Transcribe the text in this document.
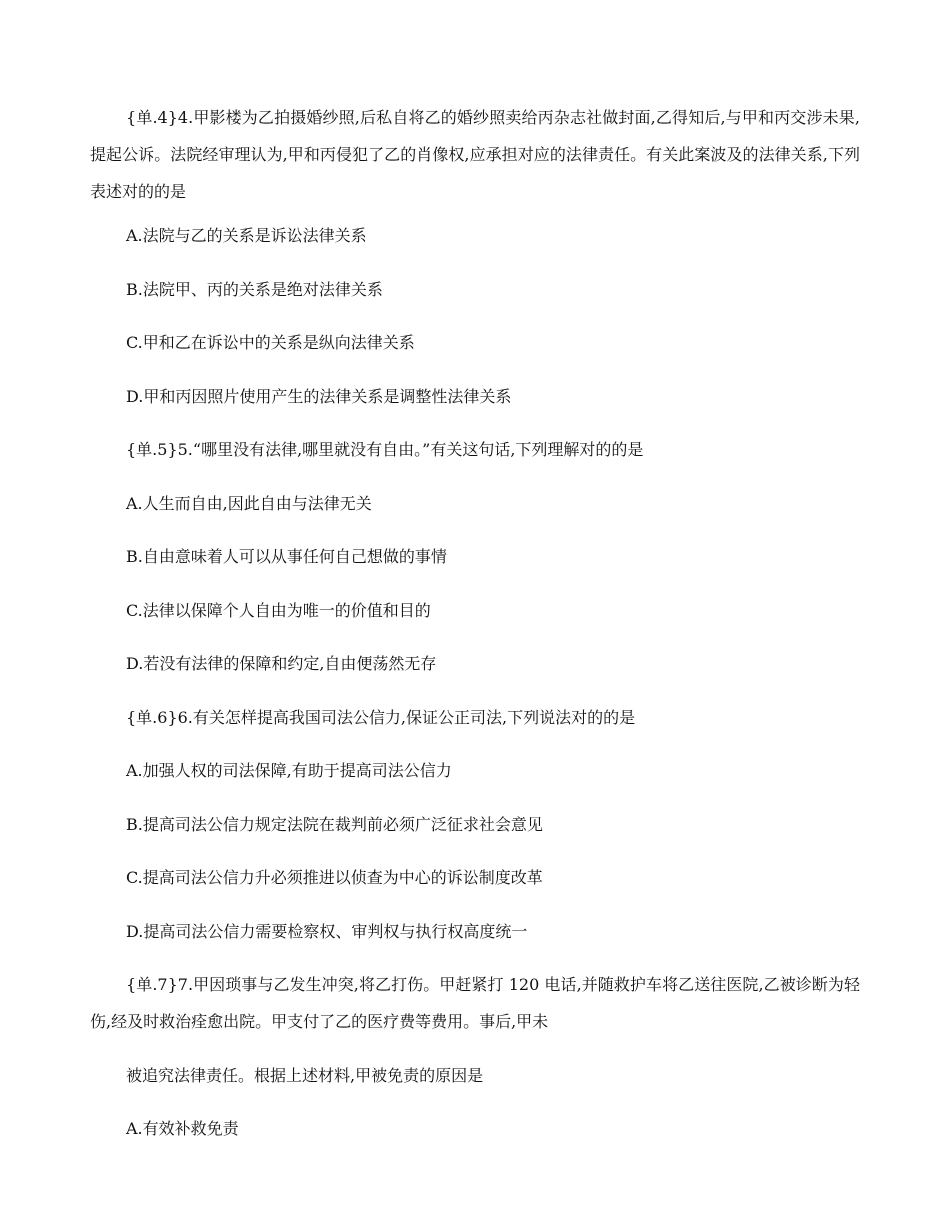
{单.4}4.甲影楼为乙拍摄婚纱照,后私自将乙的婚纱照卖给丙杂志社做封面,乙得知后,与甲和丙交涉未果,提起公诉。法院经审理认为,甲和丙侵犯了乙的肖像权,应承担对应的法律责任。有关此案波及的法律关系,下列表述对的的是

A.法院与乙的关系是诉讼法律关系
B.法院甲、丙的关系是绝对法律关系
C.甲和乙在诉讼中的关系是纵向法律关系
D.甲和丙因照片使用产生的法律关系是调整性法律关系
{单.5}5.“哪里没有法律,哪里就没有自由。”有关这句话,下列理解对的的是
A.人生而自由,因此自由与法律无关
B.自由意味着人可以从事任何自己想做的事情
C.法律以保障个人自由为唯一的价值和目的
D.若没有法律的保障和约定,自由便荡然无存
{单.6}6.有关怎样提高我国司法公信力,保证公正司法,下列说法对的的是
A.加强人权的司法保障,有助于提高司法公信力
B.提高司法公信力规定法院在裁判前必须广泛征求社会意见
C.提高司法公信力升必须推进以侦查为中心的诉讼制度改革
D.提高司法公信力需要检察权、审判权与执行权高度统一

{单.7}7.甲因琐事与乙发生冲突,将乙打伤。甲赶紧打 120 电话,并随救护车将乙送往医院,乙被诊断为轻伤,经及时救治痊愈出院。甲支付了乙的医疗费等费用。事后,甲未

被追究法律责任。根据上述材料,甲被免责的原因是
A.有效补救免责
